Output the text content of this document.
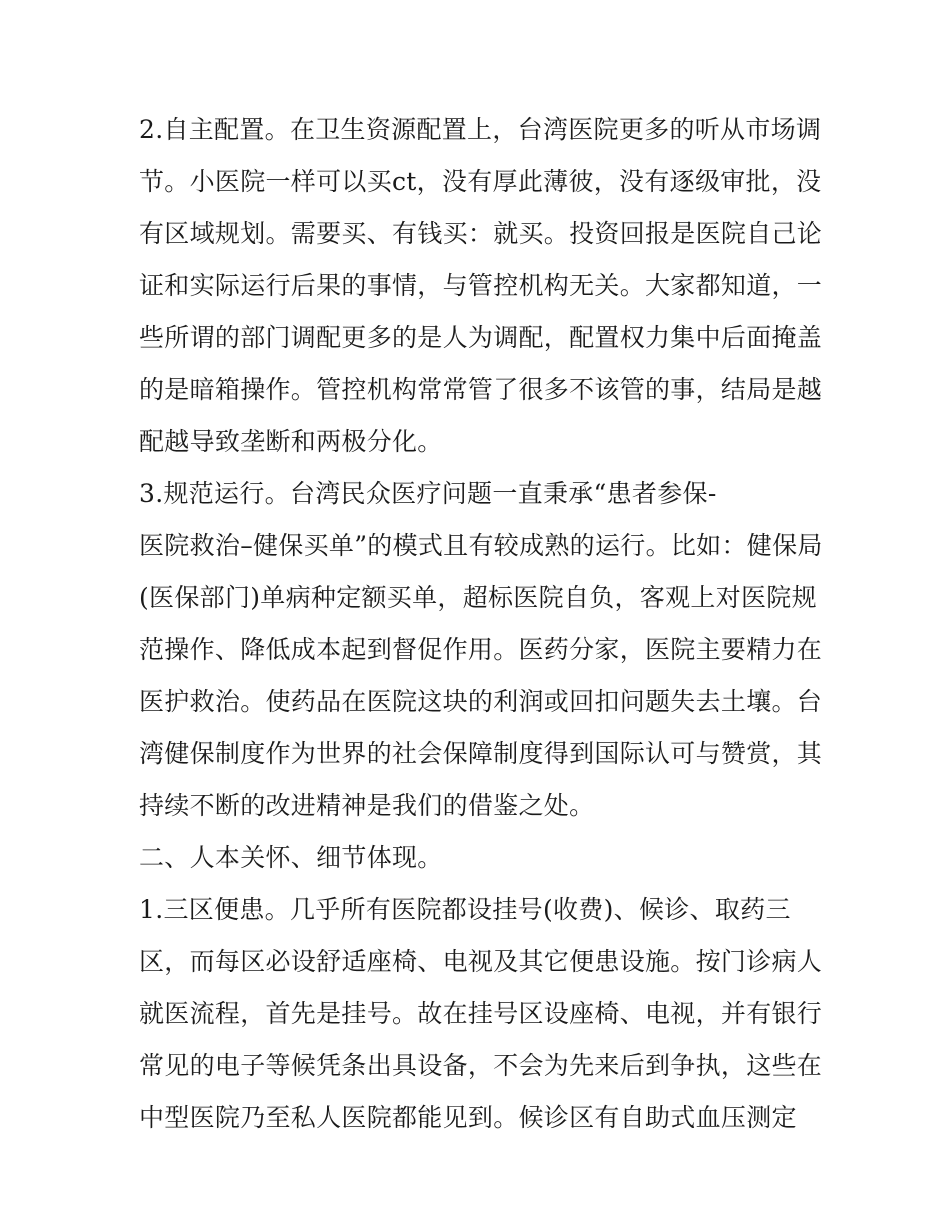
2.自主配置。在卫生资源配置上，台湾医院更多的听从市场调
节。小医院一样可以买ct，没有厚此薄彼，没有逐级审批，没
有区域规划。需要买、有钱买：就买。投资回报是医院自己论
证和实际运行后果的事情，与管控机构无关。大家都知道，一
些所谓的部门调配更多的是人为调配，配置权力集中后面掩盖
的是暗箱操作。管控机构常常管了很多不该管的事，结局是越
配越导致垄断和两极分化。
3.规范运行。台湾民众医疗问题一直秉承“患者参保-
医院救治–健保买单”的模式且有较成熟的运行。比如：健保局
(医保部门)单病种定额买单，超标医院自负，客观上对医院规
范操作、降低成本起到督促作用。医药分家，医院主要精力在
医护救治。使药品在医院这块的利润或回扣问题失去土壤。台
湾健保制度作为世界的社会保障制度得到国际认可与赞赏，其
持续不断的改进精神是我们的借鉴之处。
二、人本关怀、细节体现。
1.三区便患。几乎所有医院都设挂号(收费)、候诊、取药三
区，而每区必设舒适座椅、电视及其它便患设施。按门诊病人
就医流程，首先是挂号。故在挂号区设座椅、电视，并有银行
常见的电子等候凭条出具设备，不会为先来后到争执，这些在
中型医院乃至私人医院都能见到。候诊区有自助式血压测定
